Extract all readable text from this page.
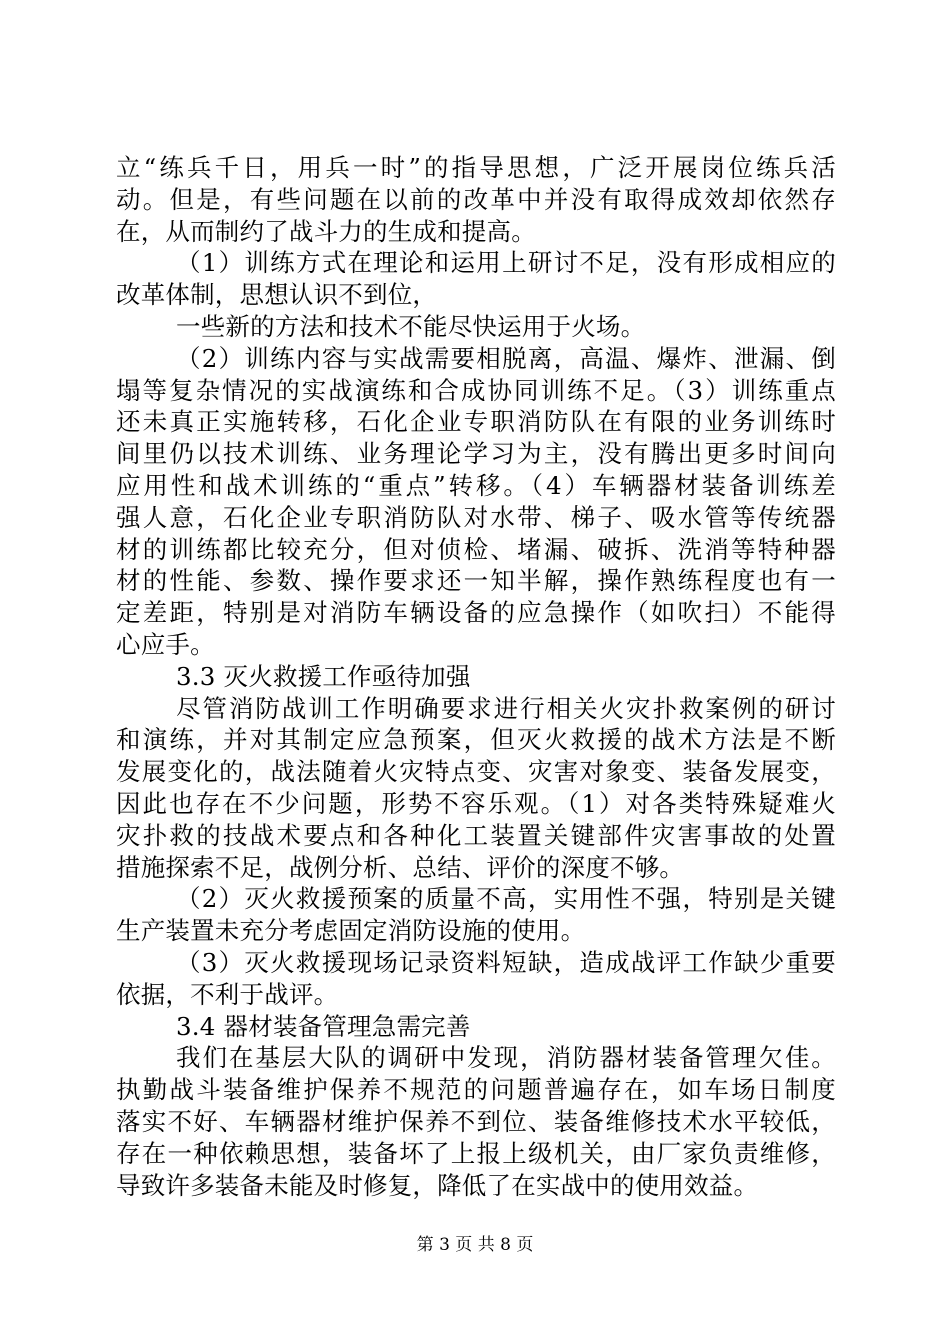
立“练兵千日，用兵一时”的指导思想，广泛开展岗位练兵活
动。但是，有些问题在以前的改革中并没有取得成效却依然存
在，从而制约了战斗力的生成和提高。
（1）训练方式在理论和运用上研讨不足，没有形成相应的
改革体制，思想认识不到位，
一些新的方法和技术不能尽快运用于火场。
（2）训练内容与实战需要相脱离，高温、爆炸、泄漏、倒
塌等复杂情况的实战演练和合成协同训练不足。（3）训练重点
还未真正实施转移，石化企业专职消防队在有限的业务训练时
间里仍以技术训练、业务理论学习为主，没有腾出更多时间向
应用性和战术训练的“重点”转移。（4）车辆器材装备训练差
强人意，石化企业专职消防队对水带、梯子、吸水管等传统器
材的训练都比较充分，但对侦检、堵漏、破拆、洗消等特种器
材的性能、参数、操作要求还一知半解，操作熟练程度也有一
定差距，特别是对消防车辆设备的应急操作（如吹扫）不能得
心应手。
3.3 灭火救援工作亟待加强
尽管消防战训工作明确要求进行相关火灾扑救案例的研讨
和演练，并对其制定应急预案，但灭火救援的战术方法是不断
发展变化的，战法随着火灾特点变、灾害对象变、装备发展变，
因此也存在不少问题，形势不容乐观。（1）对各类特殊疑难火
灾扑救的技战术要点和各种化工装置关键部件灾害事故的处置
措施探索不足，战例分析、总结、评价的深度不够。
（2）灭火救援预案的质量不高，实用性不强，特别是关键
生产装置未充分考虑固定消防设施的使用。
（3）灭火救援现场记录资料短缺，造成战评工作缺少重要
依据，不利于战评。
3.4 器材装备管理急需完善
我们在基层大队的调研中发现，消防器材装备管理欠佳。
执勤战斗装备维护保养不规范的问题普遍存在，如车场日制度
落实不好、车辆器材维护保养不到位、装备维修技术水平较低，
存在一种依赖思想，装备坏了上报上级机关，由厂家负责维修，
导致许多装备未能及时修复，降低了在实战中的使用效益。
第 3 页 共 8 页
